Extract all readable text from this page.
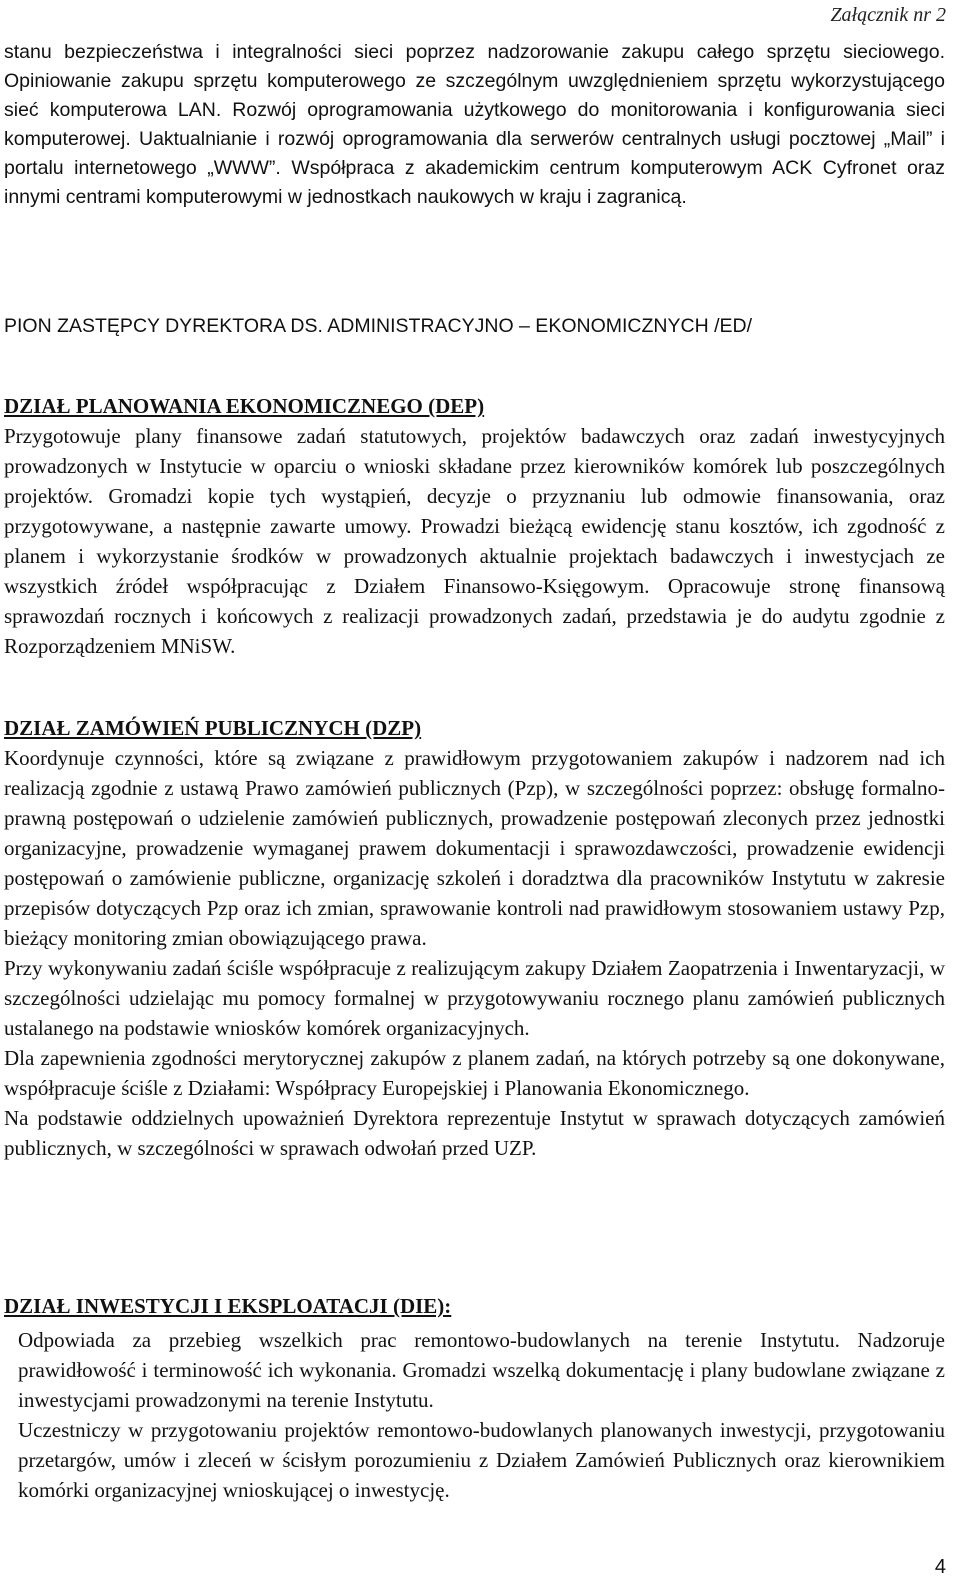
Załącznik nr 2

stanu bezpieczeństwa i integralności sieci poprzez nadzorowanie zakupu całego sprzętu sieciowego. Opiniowanie zakupu sprzętu komputerowego ze szczególnym uwzględnieniem sprzętu wykorzystującego sieć komputerowa LAN. Rozwój oprogramowania użytkowego do monitorowania i konfigurowania sieci komputerowej. Uaktualnianie i rozwój oprogramowania dla serwerów centralnych usługi pocztowej „Mail” i portalu internetowego „WWW”. Współpraca z akademickim centrum komputerowym ACK Cyfronet oraz innymi centrami komputerowymi w jednostkach naukowych w kraju i zagranicą.

PION ZASTĘPCY DYREKTORA DS. ADMINISTRACYJNO – EKONOMICZNYCH /ED/

DZIAŁ PLANOWANIA EKONOMICZNEGO (DEP)

Przygotowuje plany finansowe zadań statutowych, projektów badawczych oraz zadań inwestycyjnych prowadzonych w Instytucie w oparciu o wnioski składane przez kierowników komórek lub poszczególnych projektów. Gromadzi kopie tych wystąpień, decyzje o przyznaniu lub odmowie finansowania, oraz przygotowywane, a następnie zawarte umowy. Prowadzi bieżącą ewidencję stanu kosztów, ich zgodność z planem i wykorzystanie środków w prowadzonych aktualnie projektach badawczych i inwestycjach ze wszystkich źródeł współpracując z Działem Finansowo-Księgowym. Opracowuje stronę finansową sprawozdań rocznych i końcowych z realizacji prowadzonych zadań, przedstawia je do audytu zgodnie z Rozporządzeniem MNiSW.

DZIAŁ ZAMÓWIEŃ PUBLICZNYCH (DZP)

Koordynuje czynności, które są związane z prawidłowym przygotowaniem zakupów i nadzorem nad ich realizacją zgodnie z ustawą Prawo zamówień publicznych (Pzp), w szczególności poprzez: obsługę formalno-prawną postępowań o udzielenie zamówień publicznych, prowadzenie postępowań zleconych przez jednostki organizacyjne, prowadzenie wymaganej prawem dokumentacji i sprawozdawczości, prowadzenie ewidencji postępowań o zamówienie publiczne, organizację szkoleń i doradztwa dla pracowników Instytutu w zakresie przepisów dotyczących Pzp oraz ich zmian, sprawowanie kontroli nad prawidłowym stosowaniem ustawy Pzp, bieżący monitoring zmian obowiązującego prawa.

Przy wykonywaniu zadań ściśle współpracuje z realizującym zakupy Działem Zaopatrzenia i Inwentaryzacji, w szczególności udzielając mu pomocy formalnej w przygotowywaniu rocznego planu zamówień publicznych ustalanego na podstawie wniosków komórek organizacyjnych.

Dla zapewnienia zgodności merytorycznej zakupów z planem zadań, na których potrzeby są one dokonywane, współpracuje ściśle z Działami: Współpracy Europejskiej i Planowania Ekonomicznego.

Na podstawie oddzielnych upoważnień Dyrektora reprezentuje Instytut w sprawach dotyczących zamówień publicznych, w szczególności w sprawach odwołań przed UZP.

DZIAŁ INWESTYCJI I EKSPLOATACJI (DIE):

Odpowiada za przebieg wszelkich prac remontowo-budowlanych na terenie Instytutu. Nadzoruje prawidłowość i terminowość ich wykonania. Gromadzi wszelką dokumentację i plany budowlane związane z inwestycjami prowadzonymi na terenie Instytutu.

Uczestniczy w przygotowaniu projektów remontowo-budowlanych planowanych inwestycji, przygotowaniu przetargów, umów i zleceń w ścisłym porozumieniu z Działem Zamówień Publicznych oraz kierownikiem komórki organizacyjnej wnioskującej o inwestycję.

4
